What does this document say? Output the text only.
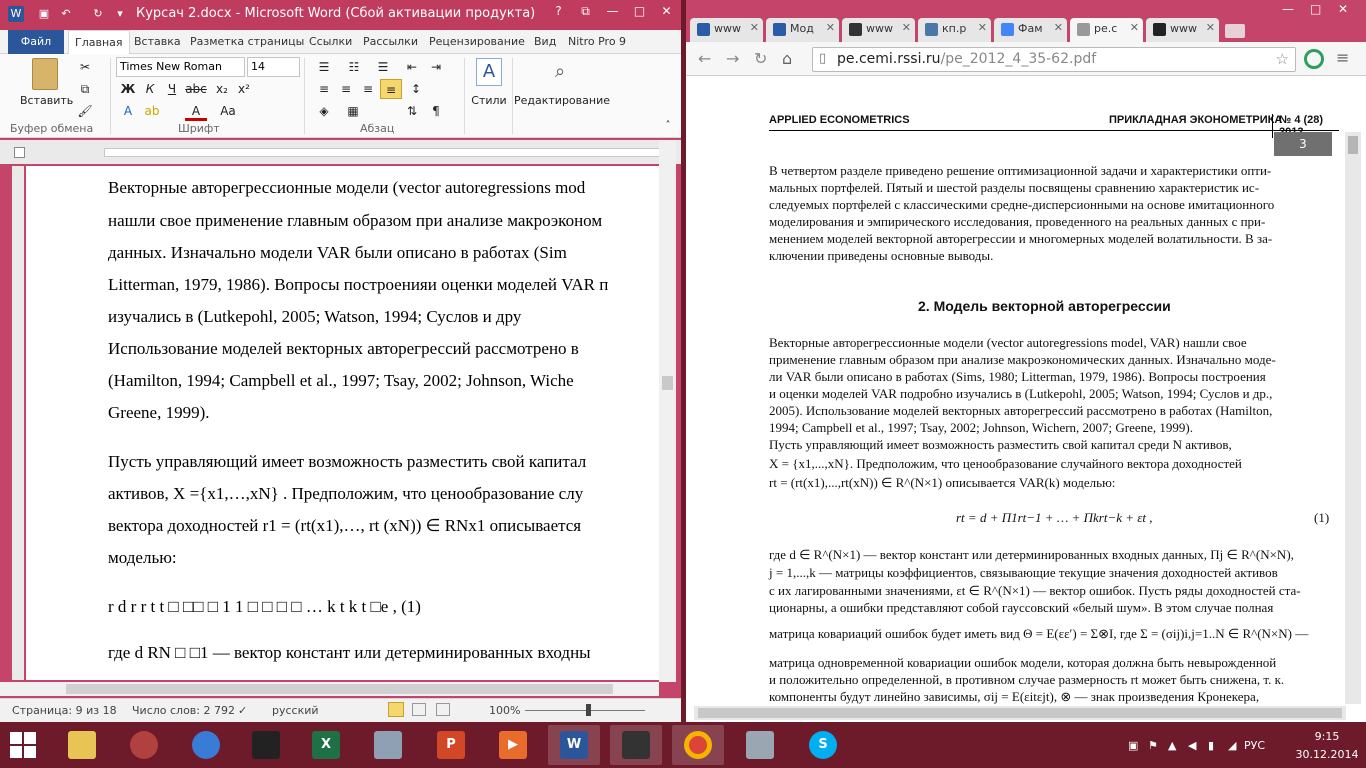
W ▣	↶	↻	▾	Курсач 2.docx - Microsoft Word (Сбой активации продукта)	?	⧉	—	□	✕
Файл	Главная	Вставка Разметка страницы Ссылки Рассылки	Рецензирование Вид	Nitro Pro 9
Вставить
✂
⧉
🖌
Буфер обмена
Times New Roman	14
Ж К	Ч abc x₂ x²
A	ab	A	Aa
Шрифт
☰	☷	☰	⇤	⇥
≡ ≡ ≡	≡	↕
◈	▦	⇅	¶
Абзац
A
Стили
⌕
Редактирование
˄
Векторные авторегрессионные модели (vector autoregressions mod
нашли свое применение главным образом при анализе макроэконом
данных. Изначально модели VAR были описано в работах (Sim
Litterman, 1979, 1986). Вопросы построенияи оценки моделей VAR п
изучались в (Lutkepohl, 2005; Watson, 1994; Суслов и дру
Использование моделей векторных авторегрессий рассмотрено в
(Hamilton, 1994; Campbell et al., 1997; Tsay, 2002; Johnson, Wiche
Greene, 1999).
Пусть управляющий имеет возможность разместить свой капитал
активов, X ={x1,…,xN} . Предположим, что ценообразование слу
вектора доходностей r1 = (rt(x1),…, rt (xN)) ∈ RNx1 описывается
моделью:
r d r r t t □ □□ □ 1 1 □ □ □ □ … k t k t □e , (1)
где d RN □ □1 — вектор констант или детерминированных входны
Страница: 9 из 18 Число слов: 2 792 ✓ русский	100%
www ✕	Мод ✕	www ✕	кп.р ✕	Фам ✕	pe.c ✕	www ✕
—	□	✕
← → ↻ ⌂ ▯ pe.cemi.rssi.ru/pe_2012_4_35-62.pdf	☆	≡
APPLIED ECONOMETRICS	ПРИКЛАДНАЯ ЭКОНОМЕТРИКА
№ 4 (28)
В четвертом разделе приведено решение оптимизационной задачи и характеристики опти-
мальных портфелей. Пятый и шестой разделы посвящены сравнению характеристик ис-
следуемых портфелей с классическими средне-дисперсионными на основе имитационного
моделирования и эмпирического исследования, проведенного на реальных данных с при-
менением моделей векторной авторегрессии и многомерных моделей волатильности. В за-
ключении приведены основные выводы.
2. Модель векторной авторегрессии
Векторные авторегрессионные модели (vector autoregressions model, VAR) нашли свое
применение главным образом при анализе макроэкономических данных. Изначально моде-
ли VAR были описано в работах (Sims, 1980; Litterman, 1979, 1986). Вопросы построения
и оценки моделей VAR подробно изучались в (Lutkepohl, 2005; Watson, 1994; Суслов и др.,
2005). Использование моделей векторных авторегрессий рассмотрено в работах (Hamilton,
1994; Campbell et al., 1997; Tsay, 2002; Johnson, Wichern, 2007; Greene, 1999).
Пусть управляющий имеет возможность разместить свой капитал среди N активов,
X = {x1,...,xN}. Предположим, что ценообразование случайного вектора доходностей
rt = (rt(x1),...,rt(xN)) ∈ R^(N×1) описывается VAR(k) моделью:
rt = d + Π1rt−1 + … + Πkrt−k + εt ,	(1)
где d ∈ R^(N×1) — вектор констант или детерминированных входных данных, Πj ∈ R^(N×N),
j = 1,...,k — матрицы коэффициентов, связывающие текущие значения доходностей активов
с их лагированными значениями, εt ∈ R^(N×1) — вектор ошибок. Пусть ряды доходностей ста-
ционарны, а ошибки представляют собой гауссовский «белый шум». В этом случае полная
матрица ковариаций ошибок будет иметь вид Θ = E(εε′) = Σ⊗I, где Σ = (σij)i,j=1..N ∈ R^(N×N) —
матрица одновременной ковариации ошибок модели, которая должна быть невырожденной
и положительно определенной, в противном случае размерность rt может быть снижена, т. к.
компоненты будут линейно зависимы, σij = E(εitεjt), ⊗ — знак произведения Кронекера,
3
X	P	▶	W	S	▣ ⚑ ▲ ◀ ▮ ◢ РУС
9:15
30.12.2014
